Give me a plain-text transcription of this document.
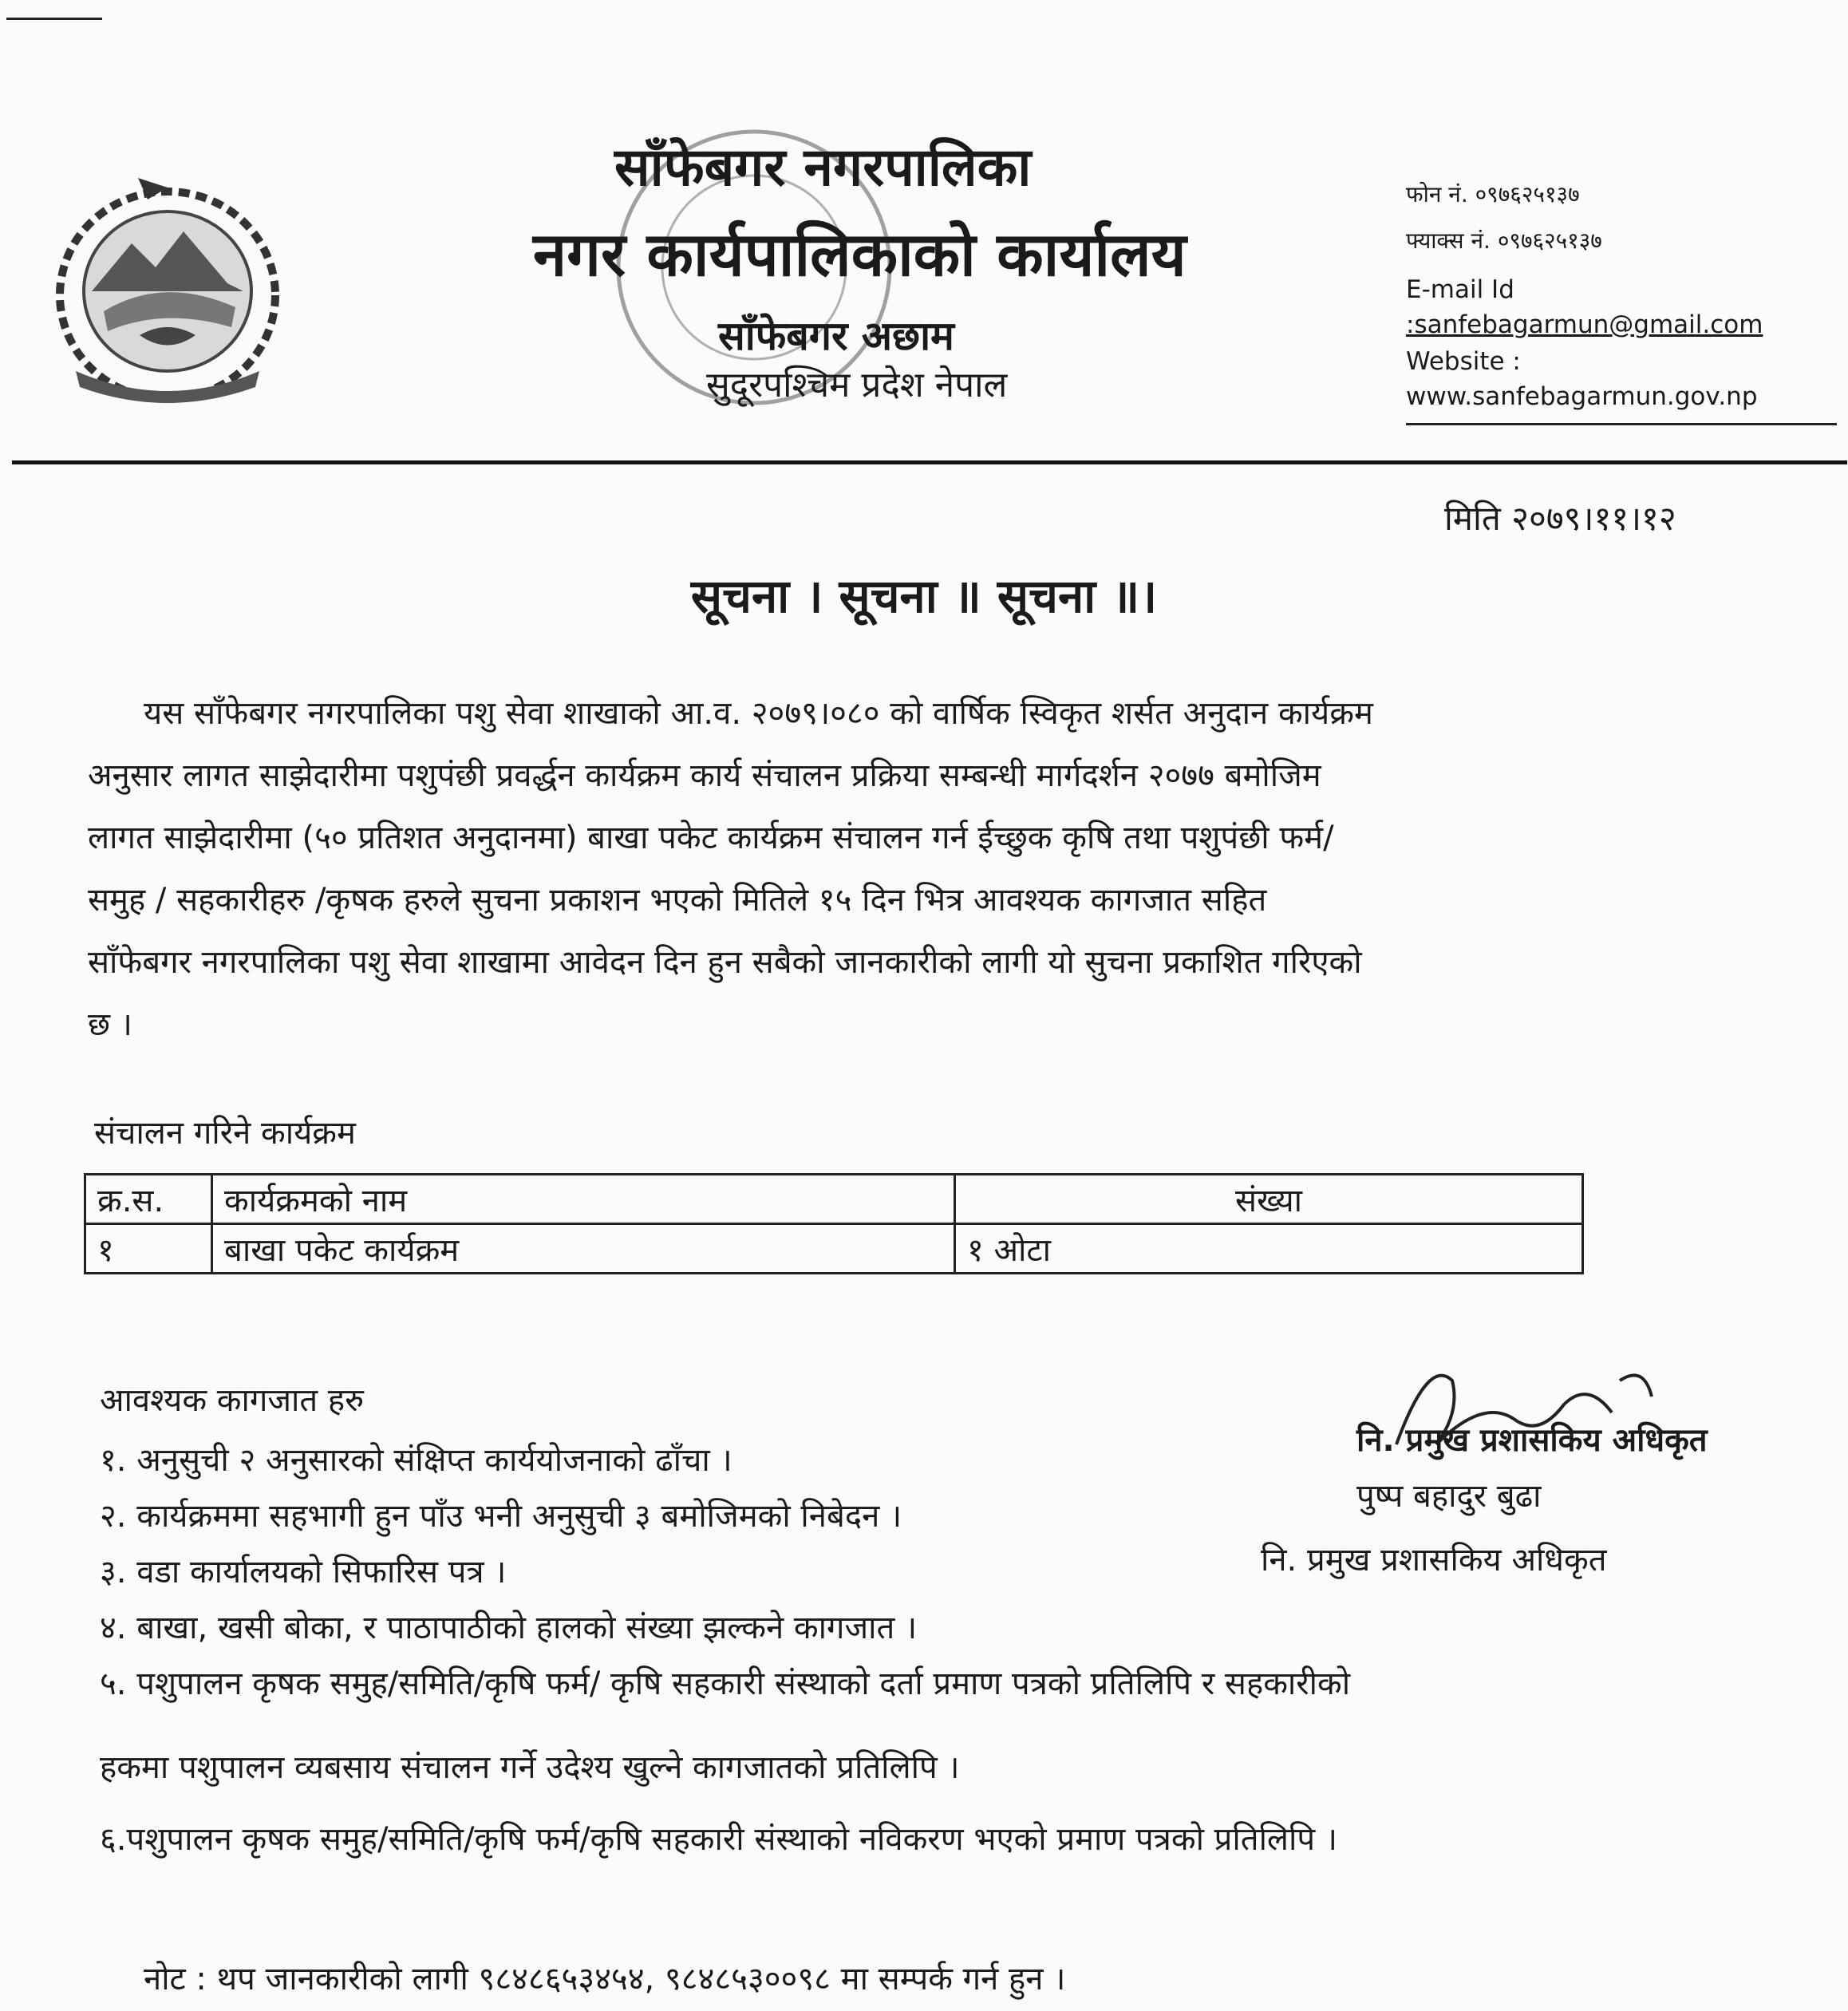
साँफेबगर नगरपालिका
नगर कार्यपालिकाको कार्यालय
साँफेबगर अछाम
सुदूरपश्चिम प्रदेश नेपाल
फोन नं. ०९७६२५१३७
फ्याक्स नं. ०९७६२५१३७
E-mail Id
:sanfebagarmun@gmail.com
Website :
www.sanfebagarmun.gov.np
मिति २०७९।११।१२
सूचना । सूचना ॥ सूचना ॥।
यस साँफेबगर नगरपालिका पशु सेवा शाखाको आ.व. २०७९।०८० को वार्षिक स्विकृत शर्सत अनुदान कार्यक्रम
अनुसार लागत साझेदारीमा पशुपंछी प्रवर्द्धन कार्यक्रम कार्य संचालन प्रक्रिया सम्बन्धी मार्गदर्शन २०७७ बमोजिम
लागत साझेदारीमा (५० प्रतिशत अनुदानमा) बाखा पकेट कार्यक्रम संचालन गर्न ईच्छुक कृषि तथा पशुपंछी फर्म/
समुह / सहकारीहरु /कृषक हरुले सुचना प्रकाशन भएको मितिले १५ दिन भित्र आवश्यक कागजात सहित
साँफेबगर नगरपालिका पशु सेवा शाखामा आवेदन दिन हुन सबैको जानकारीको लागी यो सुचना प्रकाशित गरिएको
छ ।
संचालन गरिने कार्यक्रम
क्र.स.	कार्यक्रमको नाम	संख्या
१	बाखा पकेट कार्यक्रम	१ ओटा
आवश्यक कागजात हरु
१. अनुसुची २ अनुसारको संक्षिप्त कार्ययोजनाको ढाँचा ।
२. कार्यक्रममा सहभागी हुन पाँउ भनी अनुसुची ३ बमोजिमको निबेदन ।
३. वडा कार्यालयको सिफारिस पत्र ।
४. बाखा, खसी बोका, र पाठापाठीको हालको संख्या झल्कने कागजात ।
५. पशुपालन कृषक समुह/समिति/कृषि फर्म/ कृषि सहकारी संस्थाको दर्ता प्रमाण पत्रको प्रतिलिपि र सहकारीको
हकमा पशुपालन व्यबसाय संचालन गर्ने उदेश्य खुल्ने कागजातको प्रतिलिपि ।
६.पशुपालन कृषक समुह/समिति/कृषि फर्म/कृषि सहकारी संस्थाको नविकरण भएको प्रमाण पत्रको प्रतिलिपि ।
नि. प्रमुख प्रशासकिय अधिकृत
पुष्प बहादुर बुढा
नि. प्रमुख प्रशासकिय अधिकृत
नोट : थप जानकारीको लागी ९८४८६५३४५४, ९८४८५३००९८ मा सम्पर्क गर्न हुन ।
